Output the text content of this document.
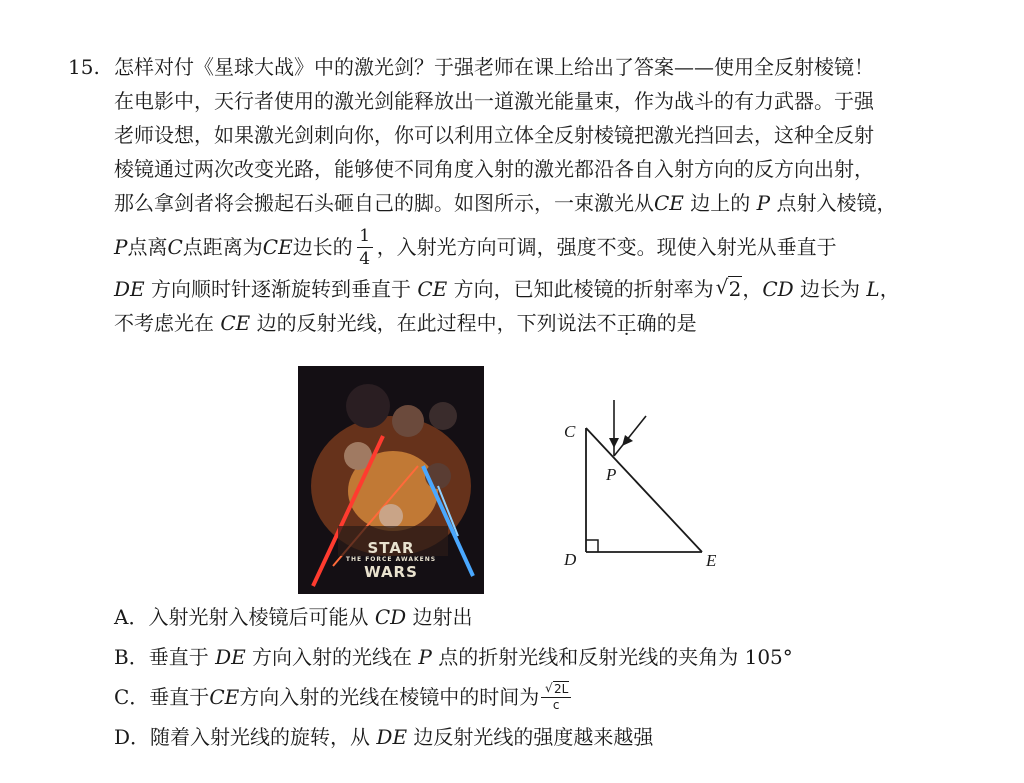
15. 怎样对付《星球大战》中的激光剑？于强老师在课上给出了答案——使用全反射棱镜！
在电影中，天行者使用的激光剑能释放出一道激光能量束，作为战斗的有力武器。于强
老师设想，如果激光剑刺向你，你可以利用立体全反射棱镜把激光挡回去，这种全反射
棱镜通过两次改变光路，能够使不同角度入射的激光都沿各自入射方向的反方向出射，
那么拿剑者将会搬起石头砸自己的脚。如图所示，一束激光从CE 边上的 P 点射入棱镜，
P 点离 C 点距离为 CE 边长的 $\frac{1}{4}$ ，入射光方向可调，强度不变。现使入射光从垂直于
DE 方向顺时针逐渐旋转到垂直于 CE 方向，已知此棱镜的折射率为 √ 2，CD 边长为 L，
不考虑光在 CE 边的反射光线，在此过程中，下列说法不正确的是
STAR
THE FORCE AWAKENS
WARS
C
P
D	E
A．入射光射入棱镜后可能从 CD 边射出
B．垂直于 DE 方向入射的光线在 P 点的折射光线和反射光线的夹角为 105°
C．垂直于 CE 方向入射的光线在棱镜中的时间为 $\frac{√ 2L}{c}$
D．随着入射光线的旋转，从 DE 边反射光线的强度越来越强
